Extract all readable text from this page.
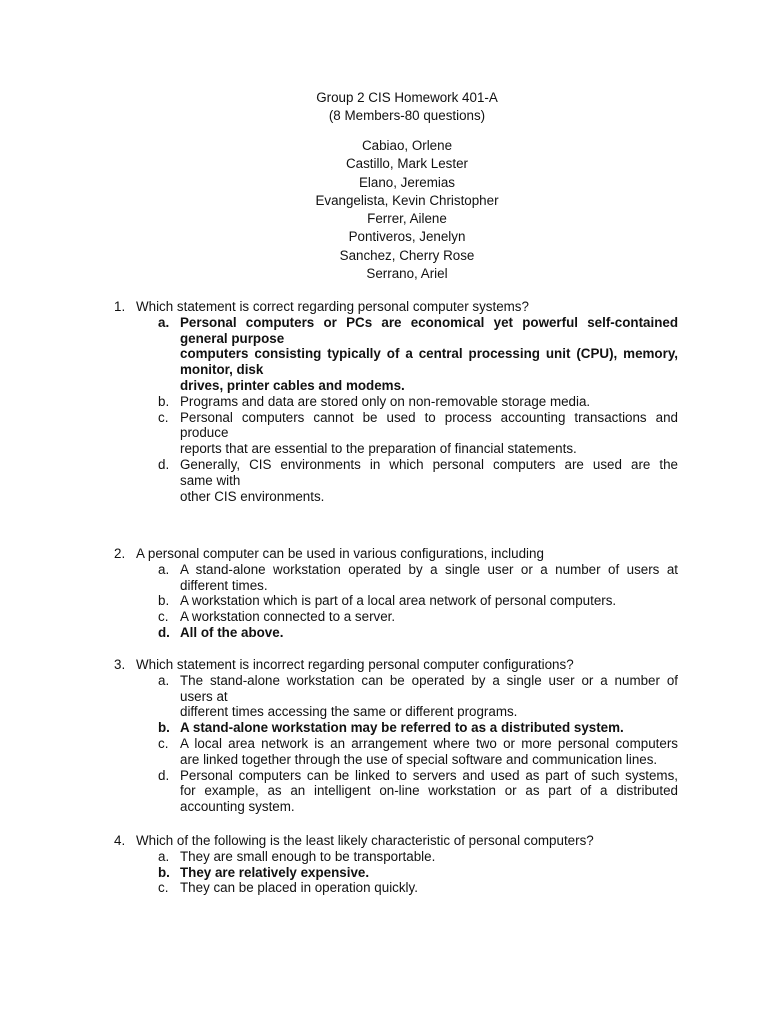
Group 2 CIS Homework 401-A
(8 Members-80 questions)
Cabiao, Orlene
Castillo, Mark Lester
Elano, Jeremias
Evangelista, Kevin Christopher
Ferrer, Ailene
Pontiveros, Jenelyn
Sanchez, Cherry Rose
Serrano, Ariel
1. Which statement is correct regarding personal computer systems?
a. Personal computers or PCs are economical yet powerful self-contained
general purpose
computers consisting typically of a central processing unit (CPU), memory,
monitor, disk
drives, printer cables and modems.
b. Programs and data are stored only on non-removable storage media.
c. Personal computers cannot be used to process accounting transactions and
produce
reports that are essential to the preparation of financial statements.
d. Generally, CIS environments in which personal computers are used are the
same with
other CIS environments.
2. A personal computer can be used in various configurations, including
a. A stand-alone workstation operated by a single user or a number of users at
different times.
b. A workstation which is part of a local area network of personal computers.
c. A workstation connected to a server.
d. All of the above.
3. Which statement is incorrect regarding personal computer configurations?
a. The stand-alone workstation can be operated by a single user or a number of
users at
different times accessing the same or different programs.
b. A stand-alone workstation may be referred to as a distributed system.
c. A local area network is an arrangement where two or more personal computers
are linked together through the use of special software and communication lines.
d. Personal computers can be linked to servers and used as part of such systems,
for example, as an intelligent on-line workstation or as part of a distributed
accounting system.
4. Which of the following is the least likely characteristic of personal computers?
a. They are small enough to be transportable.
b. They are relatively expensive.
c. They can be placed in operation quickly.
